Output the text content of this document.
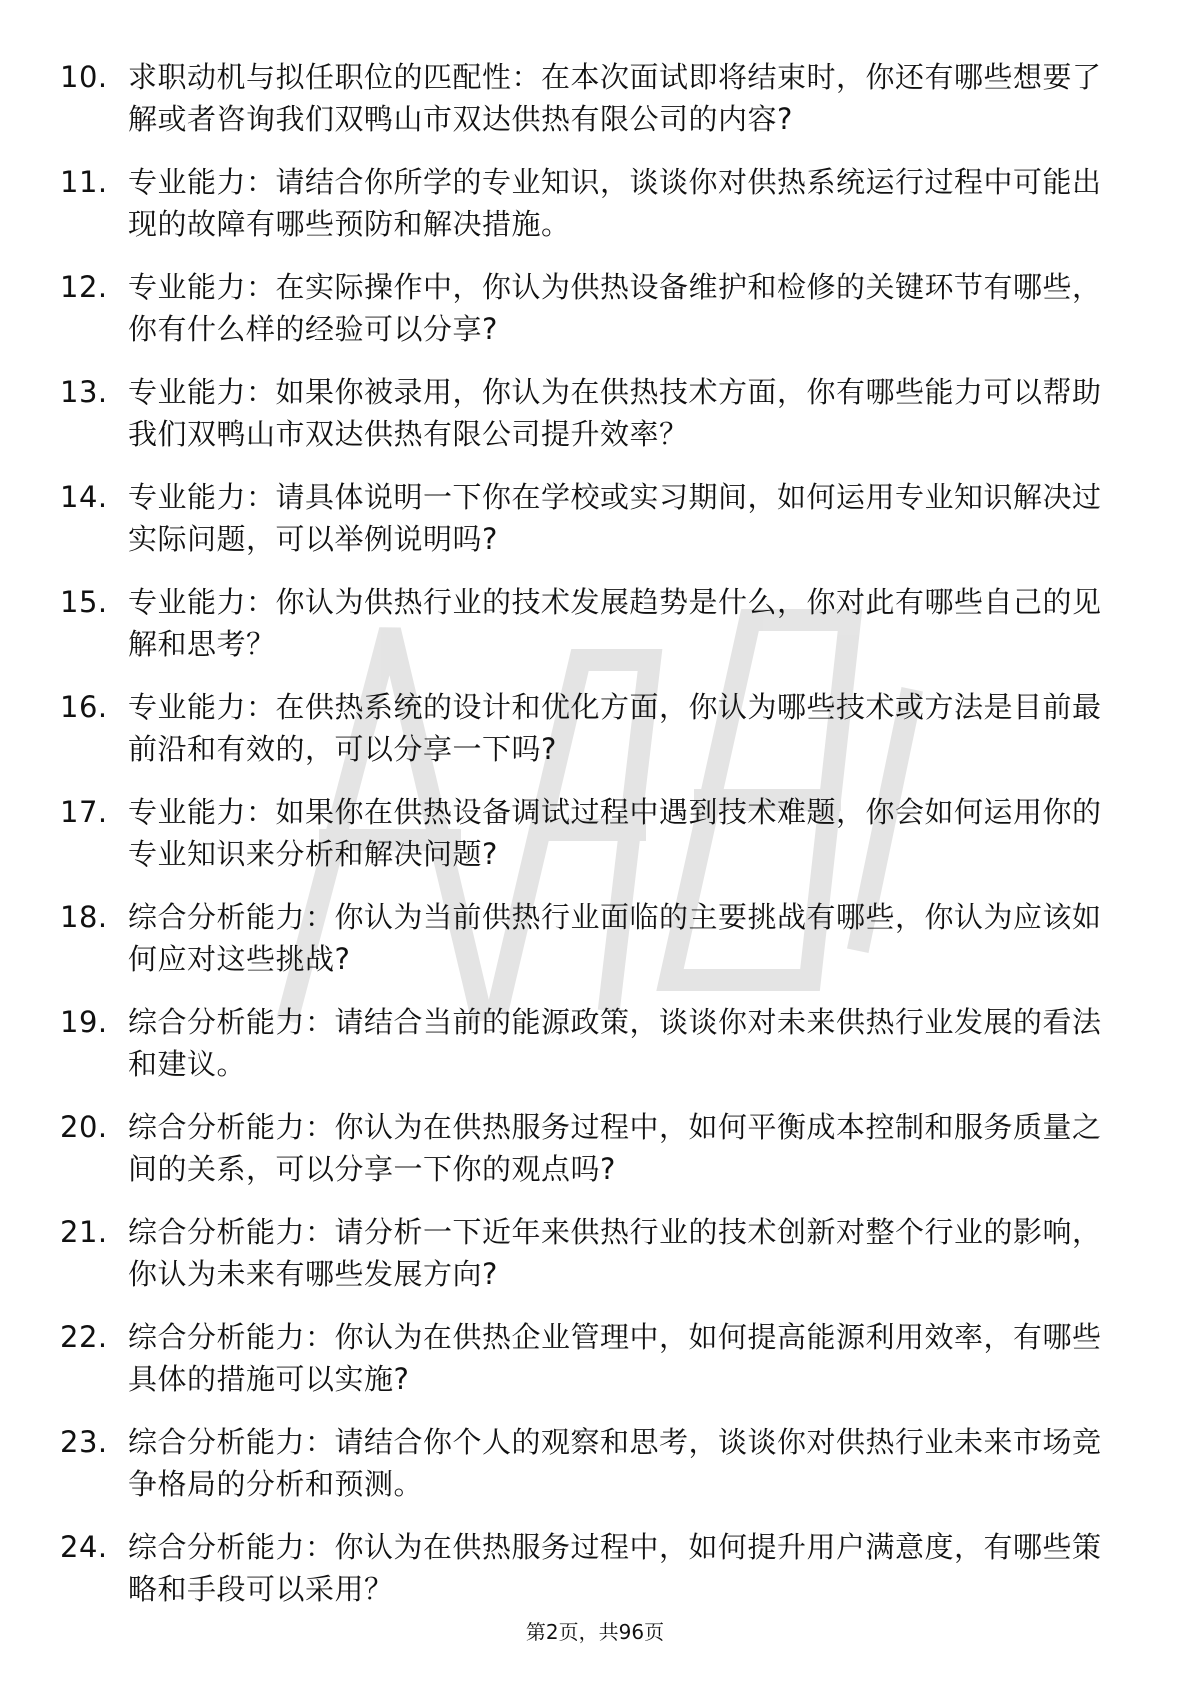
10. 求职动机与拟任职位的匹配性：在本次面试即将结束时，你还有哪些想要了解或者咨询我们双鸭山市双达供热有限公司的内容?
11. 专业能力：请结合你所学的专业知识，谈谈你对供热系统运行过程中可能出现的故障有哪些预防和解决措施。
12. 专业能力：在实际操作中，你认为供热设备维护和检修的关键环节有哪些，你有什么样的经验可以分享?
13. 专业能力：如果你被录用，你认为在供热技术方面，你有哪些能力可以帮助我们双鸭山市双达供热有限公司提升效率？
14. 专业能力：请具体说明一下你在学校或实习期间，如何运用专业知识解决过实际问题，可以举例说明吗?
15. 专业能力：你认为供热行业的技术发展趋势是什么，你对此有哪些自己的见解和思考？
16. 专业能力：在供热系统的设计和优化方面，你认为哪些技术或方法是目前最前沿和有效的，可以分享一下吗?
17. 专业能力：如果你在供热设备调试过程中遇到技术难题，你会如何运用你的专业知识来分析和解决问题?
18. 综合分析能力：你认为当前供热行业面临的主要挑战有哪些，你认为应该如何应对这些挑战?
19. 综合分析能力：请结合当前的能源政策，谈谈你对未来供热行业发展的看法和建议。
20. 综合分析能力：你认为在供热服务过程中，如何平衡成本控制和服务质量之间的关系，可以分享一下你的观点吗?
21. 综合分析能力：请分析一下近年来供热行业的技术创新对整个行业的影响，你认为未来有哪些发展方向?
22. 综合分析能力：你认为在供热企业管理中，如何提高能源利用效率，有哪些具体的措施可以实施?
23. 综合分析能力：请结合你个人的观察和思考，谈谈你对供热行业未来市场竞争格局的分析和预测。
24. 综合分析能力：你认为在供热服务过程中，如何提升用户满意度，有哪些策略和手段可以采用？
第2页，共96页
